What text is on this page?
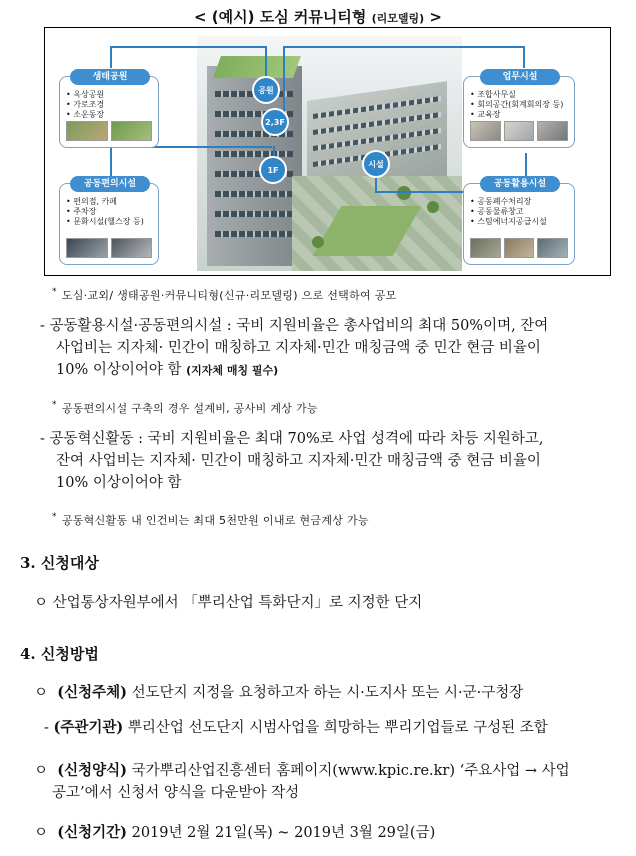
< (예시) 도심 커뮤니티형 (리모델링) >
공원
2,3F
1F
시설
생태공원
• 옥상공원
• 가로조경
• 소운동장
업무시설
• 조합사무실
• 회의공간(회계회의장 등)
• 교육장
공동편의시설
• 편의점, 카페
• 주차장
• 문화시설(헬스장 등)
공동활용시설
• 공동폐수처리장
• 공동물류창고
• 스팀에너지공급시설
* 도심·교외/ 생태공원·커뮤니티형(신규·리모델링) 으로 선택하여 공모
- 공동활용시설·공동편의시설 : 국비 지원비율은 총사업비의 최대 50%이며, 잔여
사업비는 지자체· 민간이 매칭하고 지자체·민간 매칭금액 중 민간 현금 비율이
10% 이상이어야 함 (지자체 매칭 필수)
* 공동편의시설 구축의 경우 설계비, 공사비 계상 가능
- 공동혁신활동 : 국비 지원비율은 최대 70%로 사업 성격에 따라 차등 지원하고,
잔여 사업비는 지자체· 민간이 매칭하고 지자체·민간 매칭금액 중 현금 비율이
10% 이상이어야 함
* 공동혁신활동 내 인건비는 최대 5천만원 이내로 현금계상 가능
3. 신청대상
ㅇ 산업통상자원부에서 「뿌리산업 특화단지」로 지정한 단지
4. 신청방법
ㅇ (신청주체) 선도단지 지정을 요청하고자 하는 시·도지사 또는 시·군·구청장
- (주관기관) 뿌리산업 선도단지 시범사업을 희망하는 뿌리기업들로 구성된 조합
ㅇ (신청양식) 국가뿌리산업진흥센터 홈페이지(www.kpic.re.kr) ‘주요사업 → 사업
공고’에서 신청서 양식을 다운받아 작성
ㅇ (신청기간) 2019년 2월 21일(목) ~ 2019년 3월 29일(금)
